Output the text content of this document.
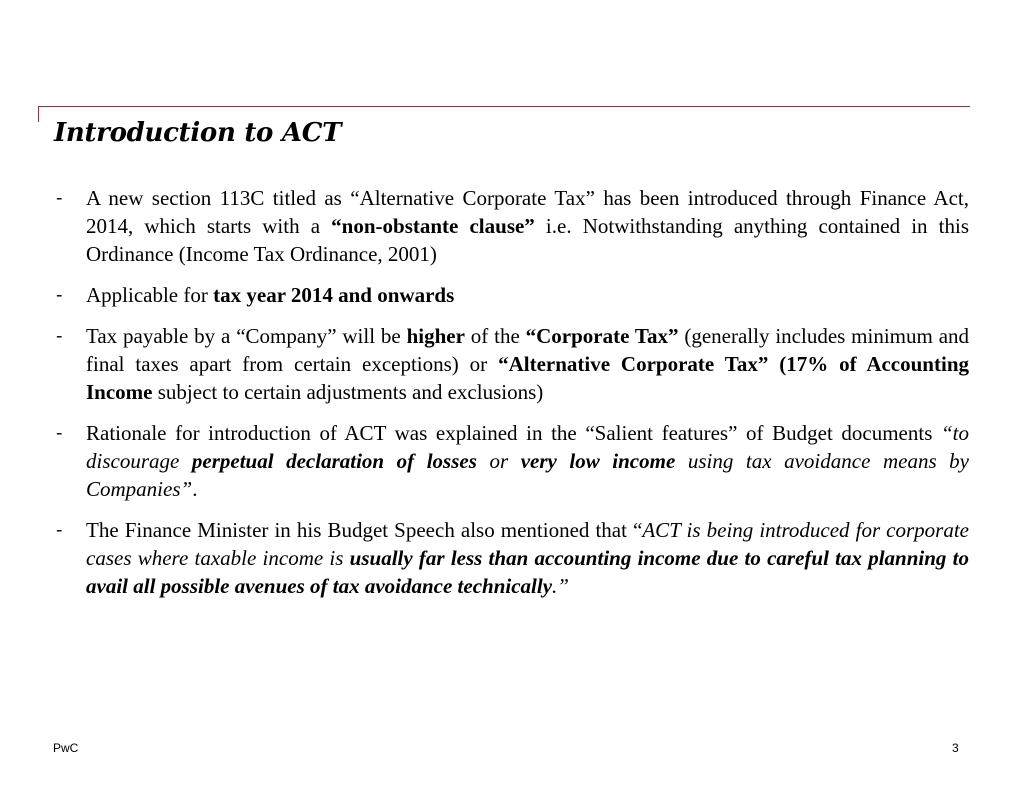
Introduction to ACT
- A new section 113C titled as “Alternative Corporate Tax” has been introduced through Finance Act, 2014, which starts with a “non-obstante clause” i.e. Notwithstanding anything contained in this Ordinance (Income Tax Ordinance, 2001)
- Applicable for tax year 2014 and onwards
- Tax payable by a “Company” will be higher of the “Corporate Tax” (generally includes minimum and final taxes apart from certain exceptions) or “Alternative Corporate Tax” (17% of Accounting Income subject to certain adjustments and exclusions)
- Rationale for introduction of ACT was explained in the “Salient features” of Budget documents “to discourage perpetual declaration of losses or very low income using tax avoidance means by Companies”.
- The Finance Minister in his Budget Speech also mentioned that “ACT is being introduced for corporate cases where taxable income is usually far less than accounting income due to careful tax planning to avail all possible avenues of tax avoidance technically.”
PwC	3
